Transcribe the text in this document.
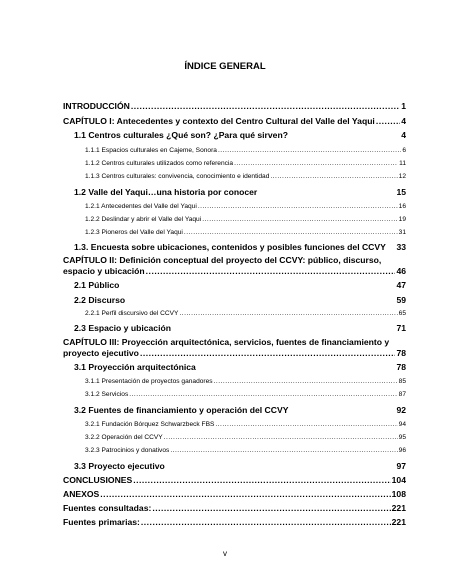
ÍNDICE GENERAL
INTRODUCCIÓN .....	1
CAPÍTULO I: Antecedentes y contexto del Centro Cultural del Valle del Yaqui .....	4
1.1 Centros culturales ¿Qué son? ¿Para qué sirven?	4
1.1.1 Espacios culturales en Cajeme, Sonora .....	6
1.1.2 Centros culturales utilizados como referencia .....	11
1.1.3 Centros culturales: convivencia, conocimiento e identidad .....	12
1.2 Valle del Yaqui…una historia por conocer	15
1.2.1 Antecedentes del Valle del Yaqui .....	16
1.2.2 Deslindar y abrir el Valle del Yaqui .....	19
1.2.3 Pioneros del Valle del Yaqui .....	31
1.3. Encuesta sobre ubicaciones, contenidos y posibles funciones del CCVY 33
CAPÍTULO II: Definición conceptual del proyecto del CCVY: público, discurso,
espacio y ubicación .....	46
2.1 Público	47
2.2 Discurso	59
2.2.1 Perfil discursivo del CCVY .....	65
2.3 Espacio y ubicación	71
CAPÍTULO III: Proyección arquitectónica, servicios, fuentes de financiamiento y
proyecto ejecutivo .....	78
3.1 Proyección arquitectónica	78
3.1.1 Presentación de proyectos ganadores .....	85
3.1.2 Servicios .....	87
3.2 Fuentes de financiamiento y operación del CCVY	92
3.2.1 Fundación Bórquez Schwarzbeck FBS .....	94
3.2.2 Operación del CCVY .....	95
3.2.3 Patrocinios y donativos .....	96
3.3 Proyecto ejecutivo	97
CONCLUSIONES .....	104
ANEXOS .....	108
Fuentes consultadas: .....	221
Fuentes primarias: .....	221
v
